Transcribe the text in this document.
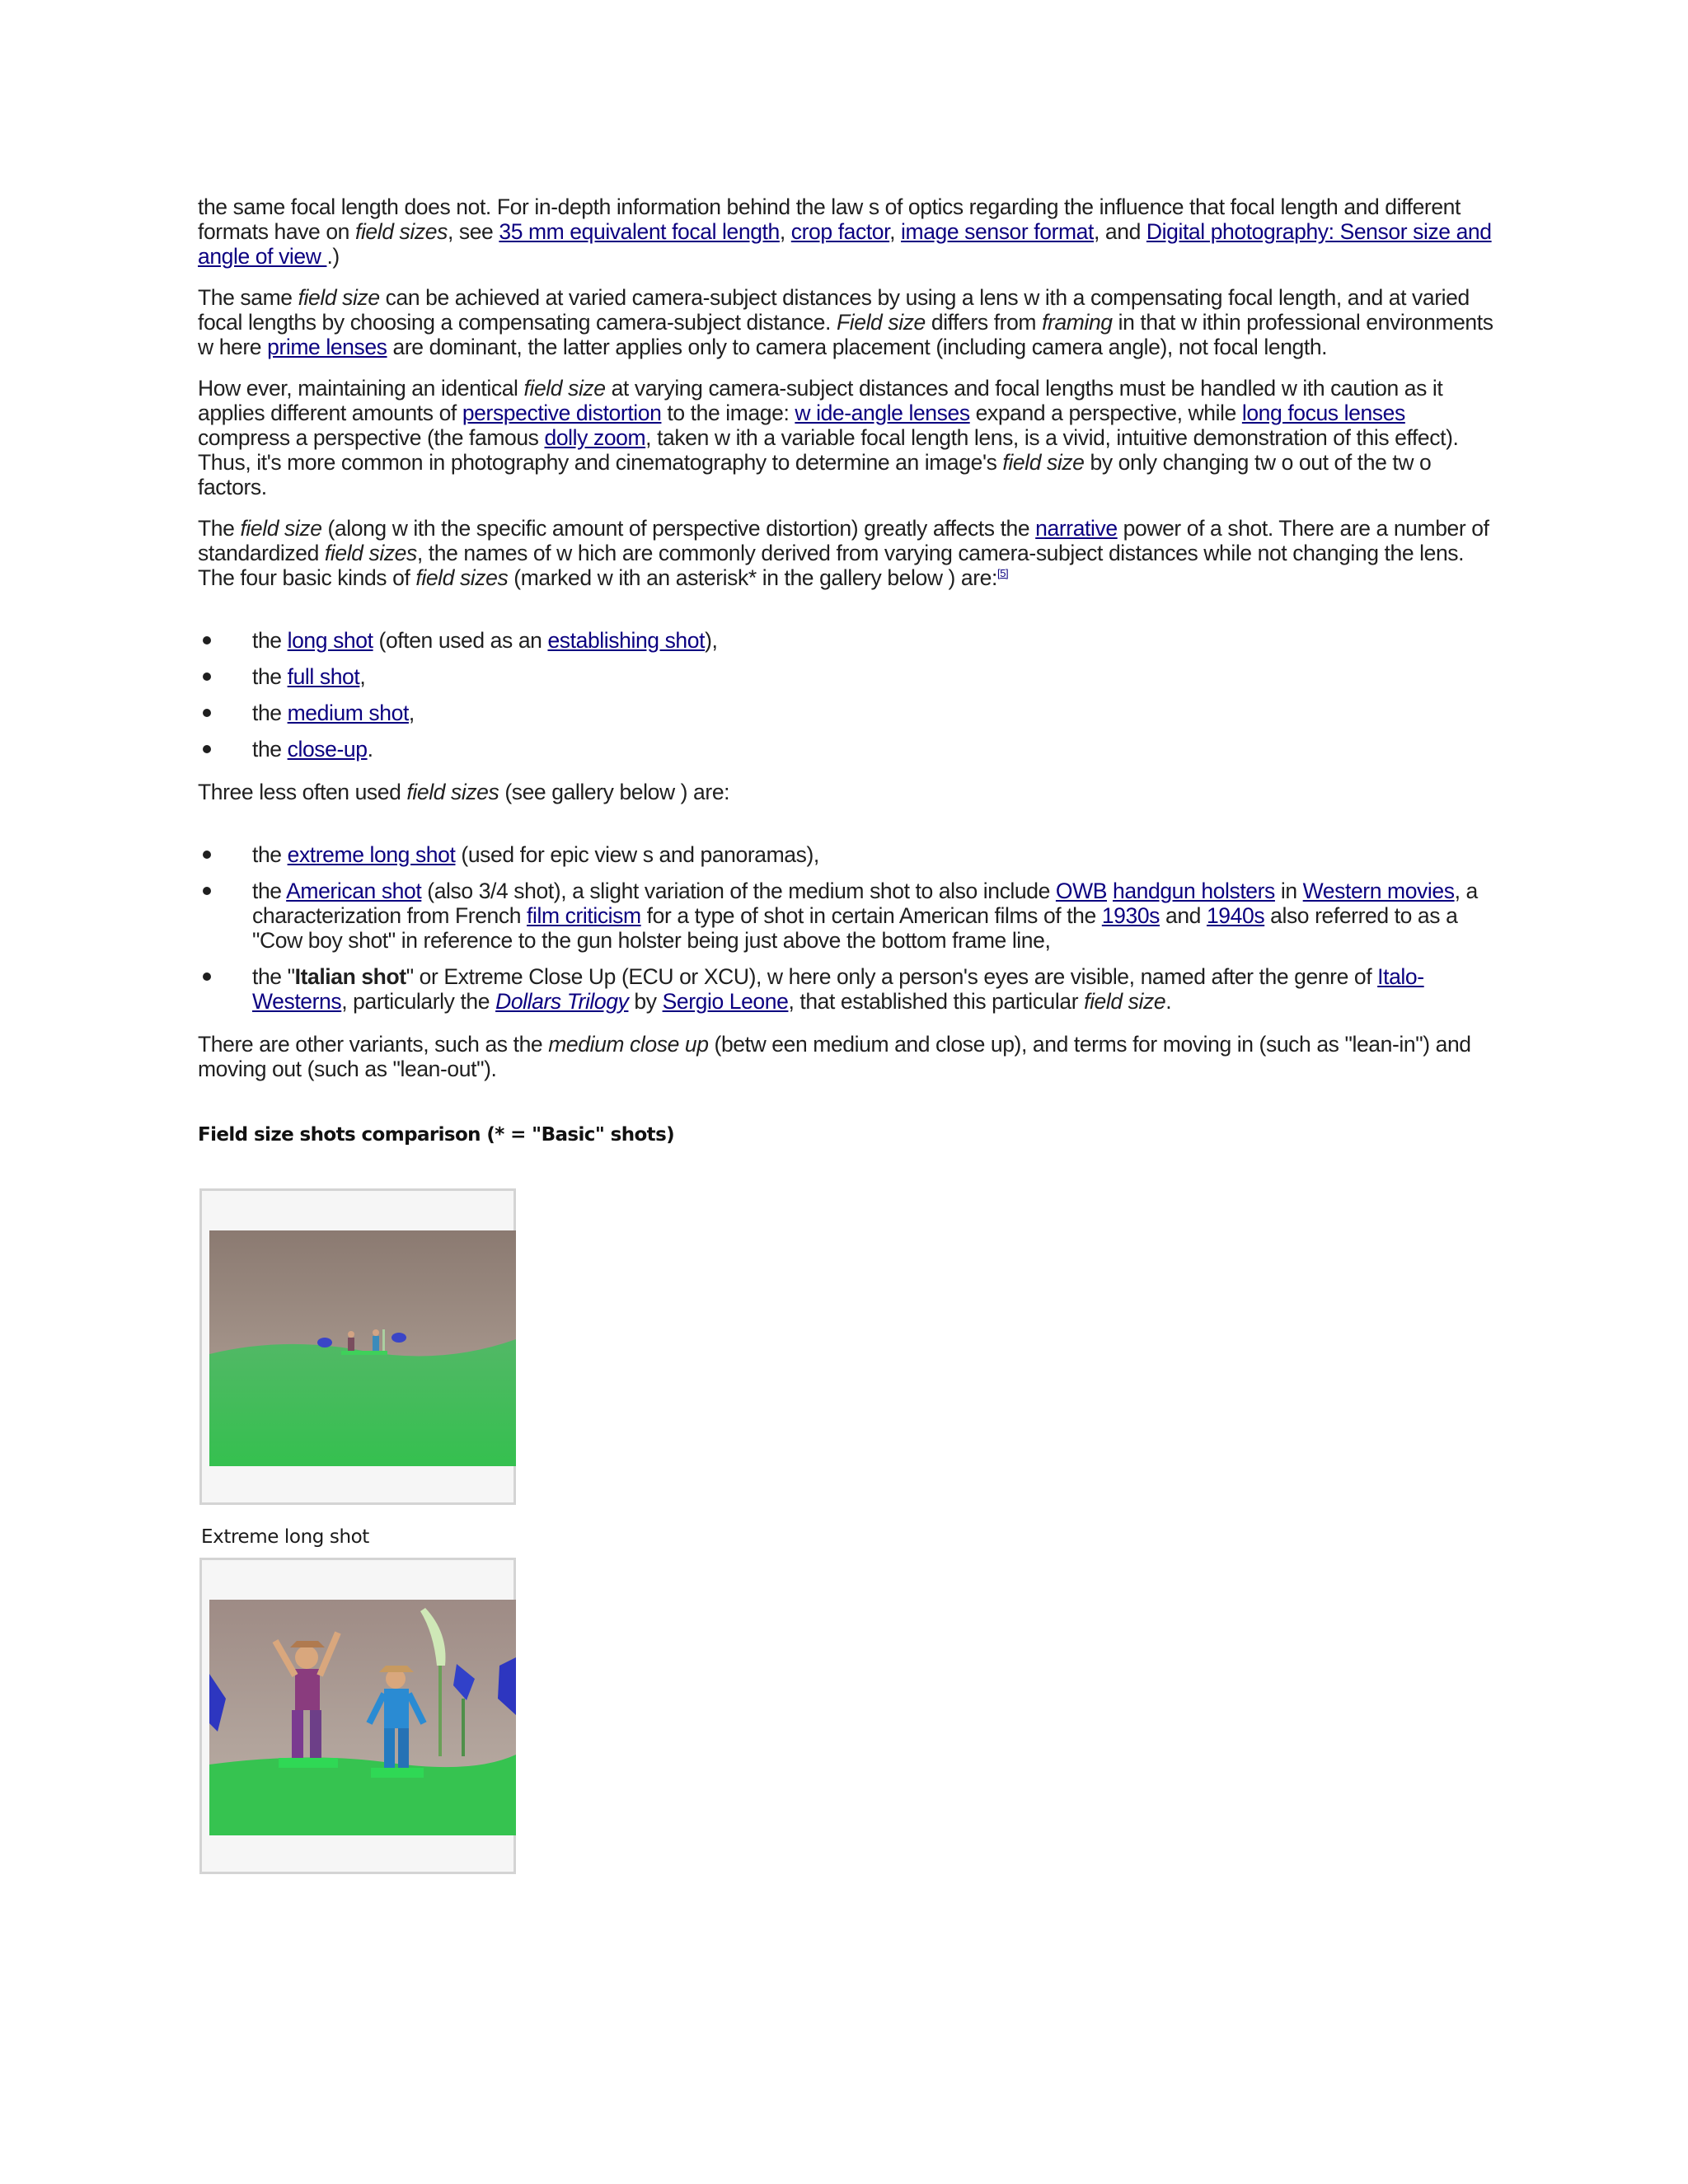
the same focal length does not. For in-depth information behind the law s of optics regarding the influence that focal length and different formats have on field sizes, see 35 mm equivalent focal length, crop factor, image sensor format, and Digital photography: Sensor size and angle of view .)

The same field size can be achieved at varied camera-subject distances by using a lens w ith a compensating focal length, and at varied focal lengths by choosing a compensating camera-subject distance. Field size differs from framing in that w ithin professional environments w here prime lenses are dominant, the latter applies only to camera placement (including camera angle), not focal length.

How ever, maintaining an identical field size at varying camera-subject distances and focal lengths must be handled w ith caution as it applies different amounts of perspective distortion to the image: w ide-angle lenses expand a perspective, while long focus lenses compress a perspective (the famous dolly zoom, taken w ith a variable focal length lens, is a vivid, intuitive demonstration of this effect). Thus, it's more common in photography and cinematography to determine an image's field size by only changing tw o out of the tw o factors.

The field size (along w ith the specific amount of perspective distortion) greatly affects the narrative power of a shot. There are a number of standardized field sizes, the names of w hich are commonly derived from varying camera-subject distances while not changing the lens. The four basic kinds of field sizes (marked w ith an asterisk* in the gallery below ) are:[5]

the long shot (often used as an establishing shot),
the full shot,
the medium shot,
the close-up.

Three less often used field sizes (see gallery below ) are:

the extreme long shot (used for epic view s and panoramas),
the American shot (also 3/4 shot), a slight variation of the medium shot to also include OWB handgun holsters in Western movies, a characterization from French film criticism for a type of shot in certain American films of the 1930s and 1940s also referred to as a "Cow boy shot" in reference to the gun holster being just above the bottom frame line,
the "Italian shot" or Extreme Close Up (ECU or XCU), w here only a person's eyes are visible, named after the genre of Italo-Westerns, particularly the Dollars Trilogy by Sergio Leone, that established this particular field size.

There are other variants, such as the medium close up (betw een medium and close up), and terms for moving in (such as "lean-in") and moving out (such as "lean-out").

Field size shots comparison (* = "Basic" shots)
Extreme long shot
